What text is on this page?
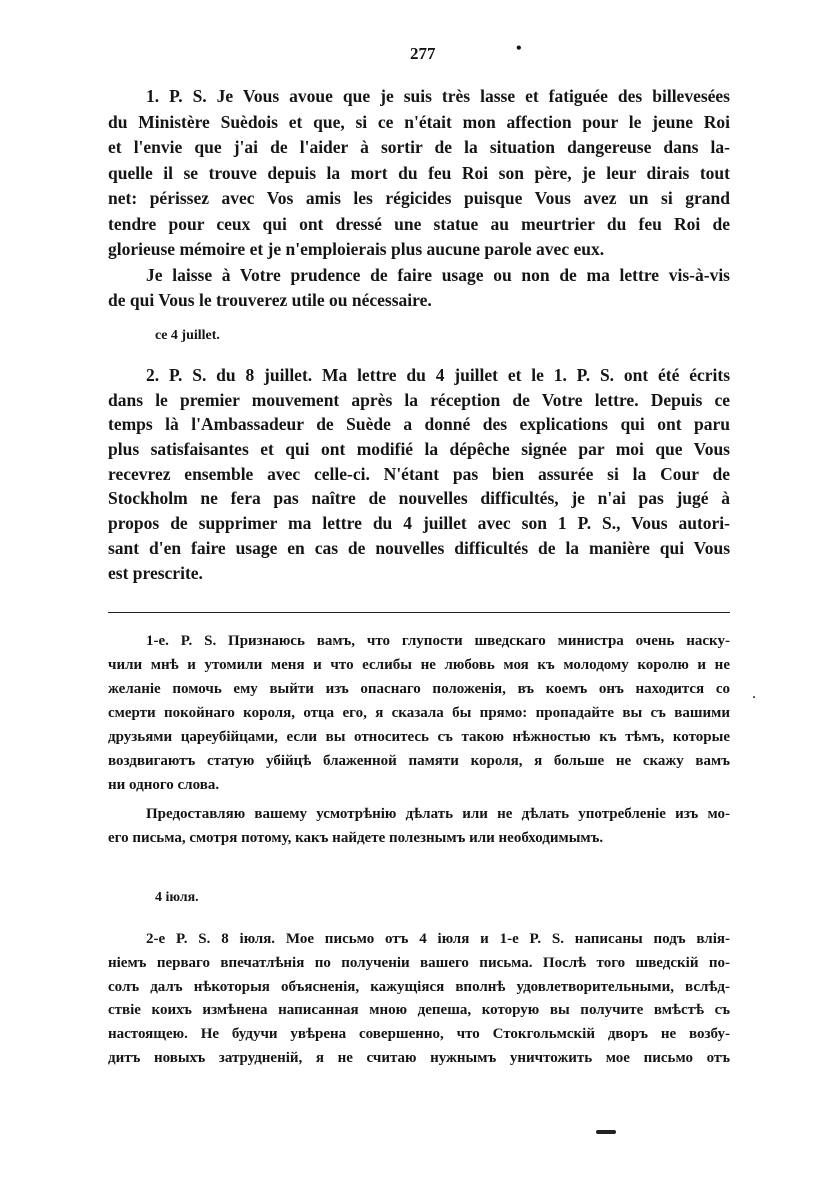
277	•
1. P. S. Je Vous avoue que je suis très lasse et fatiguée des billevesées
du Ministère Suèdois et que, si ce n'était mon affection pour le jeune Roi
et l'envie que j'ai de l'aider à sortir de la situation dangereuse dans la-
quelle il se trouve depuis la mort du feu Roi son père, je leur dirais tout
net: périssez avec Vos amis les régicides puisque Vous avez un si grand
tendre pour ceux qui ont dressé une statue au meurtrier du feu Roi de
glorieuse mémoire et je n'emploierais plus aucune parole avec eux.
Je laisse à Votre prudence de faire usage ou non de ma lettre vis-à-vis
de qui Vous le trouverez utile ou nécessaire.
ce 4 juillet.
2. P. S. du 8 juillet. Ma lettre du 4 juillet et le 1. P. S. ont été écrits
dans le premier mouvement après la réception de Votre lettre. Depuis ce
temps là l'Ambassadeur de Suède a donné des explications qui ont paru
plus satisfaisantes et qui ont modifié la dépêche signée par moi que Vous
recevrez ensemble avec celle-ci. N'étant pas bien assurée si la Cour de
Stockholm ne fera pas naître de nouvelles difficultés, je n'ai pas jugé à
propos de supprimer ma lettre du 4 juillet avec son 1 P. S., Vous autori-
sant d'en faire usage en cas de nouvelles difficultés de la manière qui Vous
est prescrite.
1-е. P. S. Признаюсь вамъ, что глупости шведскаго министра очень наску-
чили мнѣ и утомили меня и что еслибы не любовь моя къ молодому королю и не
желаніе помочь ему выйти изъ опаснаго положенія, въ коемъ онъ находится со
смерти покойнаго короля, отца его, я сказала бы прямо: пропадайте вы съ вашими
друзьями цареубійцами, если вы относитесь съ такою нѣжностью къ тѣмъ, которые
воздвигаютъ статую убійцѣ блаженной памяти короля, я больше не скажу вамъ
ни одного слова.
Предоставляю вашему усмотрѣнію дѣлать или не дѣлать употребленіе изъ мо-
его письма, смотря потому, какъ найдете полезнымъ или необходимымъ.
4 іюля.
2-е P. S. 8 іюля. Мое письмо отъ 4 іюля и 1-е P. S. написаны подъ влія-
ніемъ перваго впечатлѣнія по полученіи вашего письма. Послѣ того шведскій по-
солъ далъ нѣкоторыя объясненія, кажущіяся вполнѣ удовлетворительными, вслѣд-
ствіе коихъ измѣнена написанная мною депеша, которую вы получите вмѣстѣ съ
настоящею. Не будучи увѣрена совершенно, что Стокгольмскій дворъ не возбу-
дитъ новыхъ затрудненій, я не считаю нужнымъ уничтожить мое письмо отъ
·
